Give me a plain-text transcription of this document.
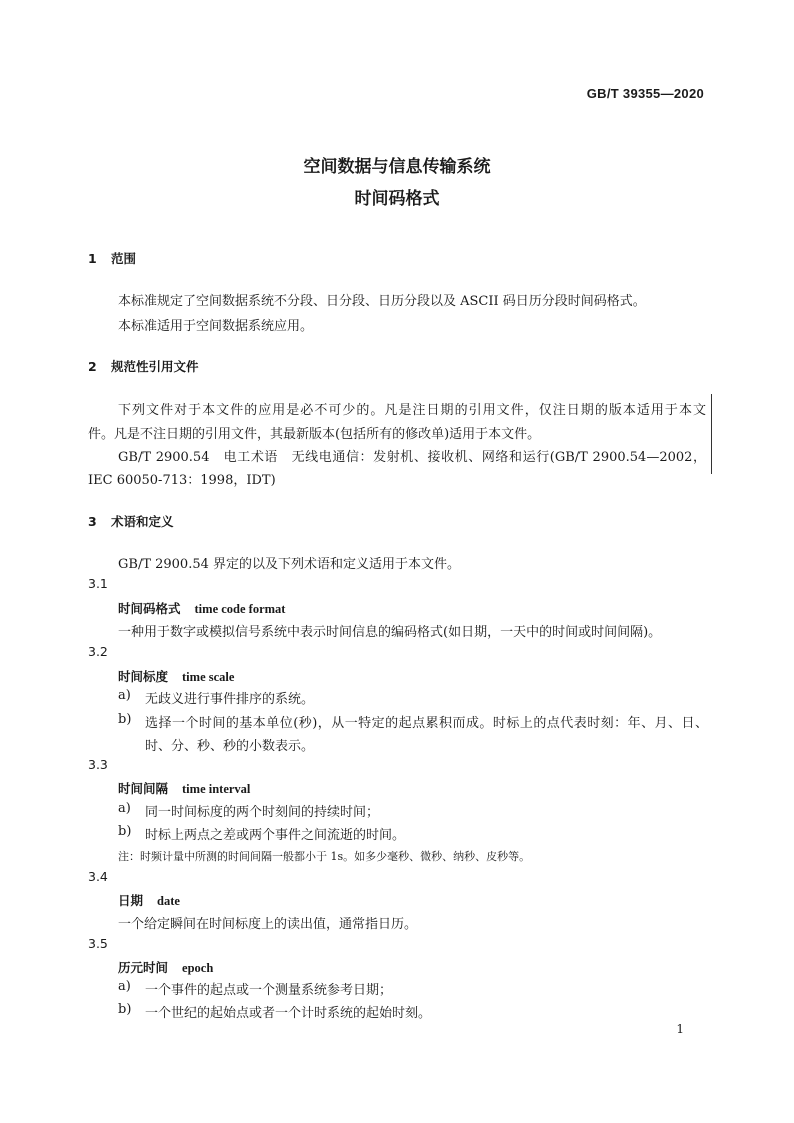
GB/T 39355—2020
空间数据与信息传输系统
时间码格式
1 范围
本标准规定了空间数据系统不分段、日分段、日历分段以及 ASCII 码日历分段时间码格式。
本标准适用于空间数据系统应用。
2 规范性引用文件
下列文件对于本文件的应用是必不可少的。凡是注日期的引用文件，仅注日期的版本适用于本文
件。凡是不注日期的引用文件，其最新版本(包括所有的修改单)适用于本文件。
GB/T 2900.54　电工术语　无线电通信：发射机、接收机、网络和运行(GB/T 2900.54—2002，
IEC 60050-713：1998，IDT)
3 术语和定义
GB/T 2900.54 界定的以及下列术语和定义适用于本文件。
3.1
时间码格式 time code format
一种用于数字或模拟信号系统中表示时间信息的编码格式(如日期，一天中的时间或时间间隔)。
3.2
时间标度 time scale
a) 无歧义进行事件排序的系统。
b) 选择一个时间的基本单位(秒)，从一特定的起点累积而成。时标上的点代表时刻：年、月、日、
时、分、秒、秒的小数表示。
3.3
时间间隔 time interval
a) 同一时间标度的两个时刻间的持续时间；
b) 时标上两点之差或两个事件之间流逝的时间。
注：时频计量中所测的时间间隔一般都小于 1s。如多少毫秒、微秒、纳秒、皮秒等。
3.4
日期 date
一个给定瞬间在时间标度上的读出值，通常指日历。
3.5
历元时间 epoch
a) 一个事件的起点或一个测量系统参考日期；
b) 一个世纪的起始点或者一个计时系统的起始时刻。
1
